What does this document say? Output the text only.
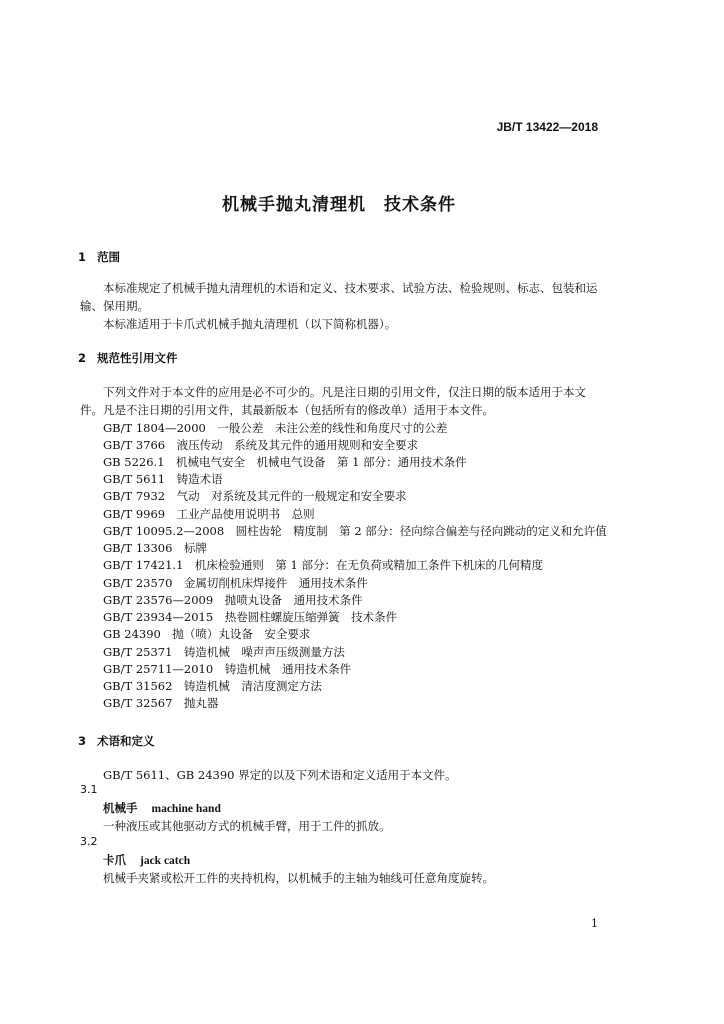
JB/T 13422—2018
机械手抛丸清理机　技术条件
1 范围
本标准规定了机械手抛丸清理机的术语和定义、技术要求、试验方法、检验规则、标志、包装和运输、保用期。
本标准适用于卡爪式机械手抛丸清理机（以下简称机器）。
2 规范性引用文件
下列文件对于本文件的应用是必不可少的。凡是注日期的引用文件，仅注日期的版本适用于本文件。凡是不注日期的引用文件，其最新版本（包括所有的修改单）适用于本文件。
GB/T 1804—2000　一般公差　未注公差的线性和角度尺寸的公差
GB/T 3766　液压传动　系统及其元件的通用规则和安全要求
GB 5226.1　机械电气安全　机械电气设备　第 1 部分：通用技术条件
GB/T 5611　铸造术语
GB/T 7932　气动　对系统及其元件的一般规定和安全要求
GB/T 9969　工业产品使用说明书　总则
GB/T 10095.2—2008　圆柱齿轮　精度制　第 2 部分：径向综合偏差与径向跳动的定义和允许值
GB/T 13306　标牌
GB/T 17421.1　机床检验通则　第 1 部分：在无负荷或精加工条件下机床的几何精度
GB/T 23570　金属切削机床焊接件　通用技术条件
GB/T 23576—2009　抛喷丸设备　通用技术条件
GB/T 23934—2015　热卷圆柱螺旋压缩弹簧　技术条件
GB 24390　抛（喷）丸设备　安全要求
GB/T 25371　铸造机械　噪声声压级测量方法
GB/T 25711—2010　铸造机械　通用技术条件
GB/T 31562　铸造机械　清洁度测定方法
GB/T 32567　抛丸器
3 术语和定义
GB/T 5611、GB 24390 界定的以及下列术语和定义适用于本文件。
3.1
机械手 machine hand
一种液压或其他驱动方式的机械手臂，用于工件的抓放。
3.2
卡爪 jack catch
机械手夹紧或松开工件的夹持机构，以机械手的主轴为轴线可任意角度旋转。
1
